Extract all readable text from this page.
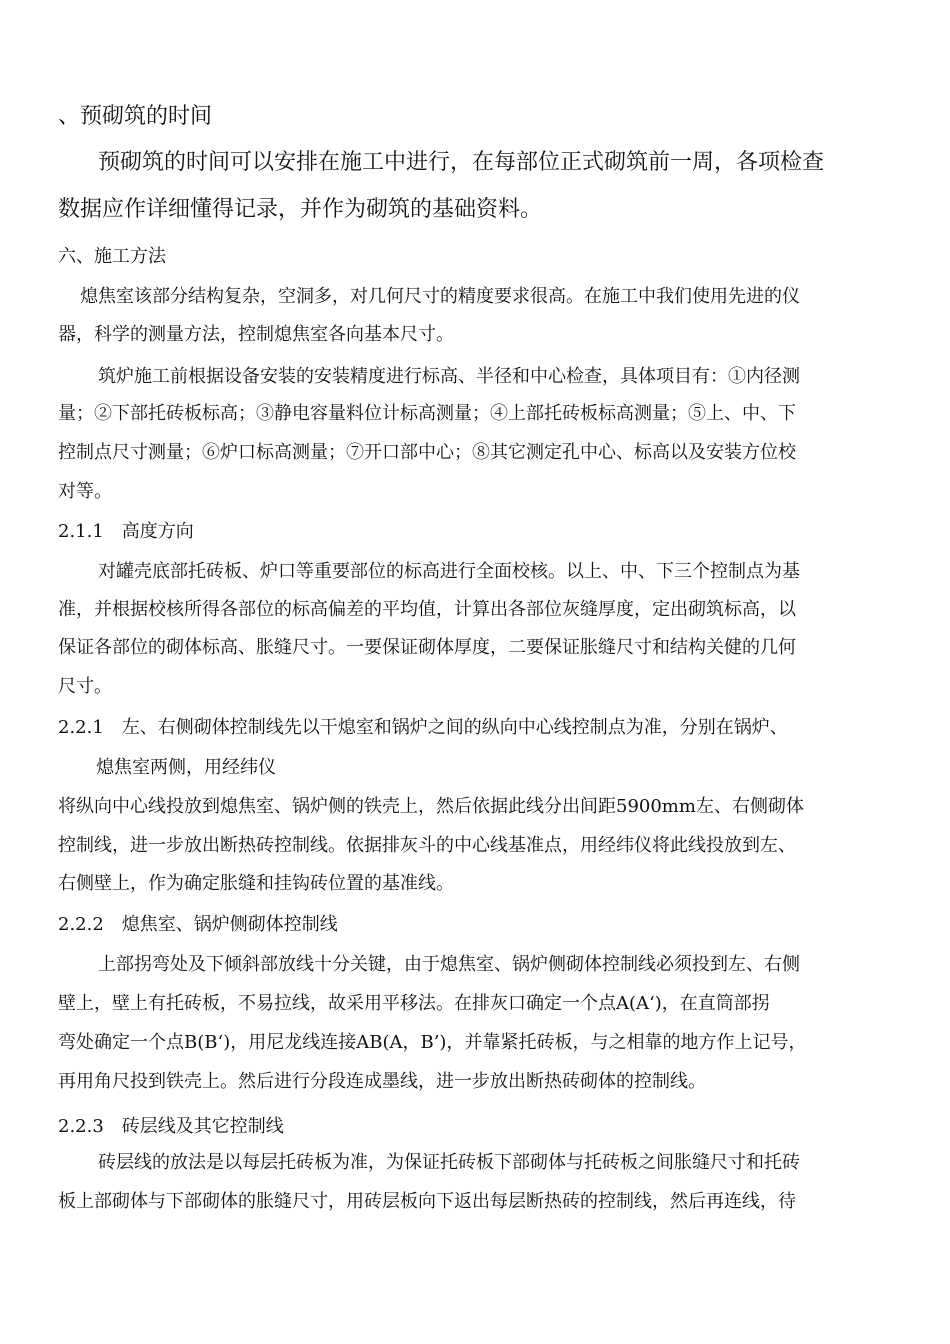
、预砌筑的时间
预砌筑的时间可以安排在施工中进行，在每部位正式砌筑前一周，各项检查
数据应作详细懂得记录，并作为砌筑的基础资料。
六、施工方法
熄焦室该部分结构复杂，空洞多，对几何尺寸的精度要求很高。在施工中我们使用先进的仪
器，科学的测量方法，控制熄焦室各向基本尺寸。
筑炉施工前根据设备安装的安装精度进行标高、半径和中心检查，具体项目有：①内径测
量；②下部托砖板标高；③静电容量料位计标高测量；④上部托砖板标高测量；⑤上、中、下
控制点尺寸测量；⑥炉口标高测量；⑦开口部中心；⑧其它测定孔中心、标高以及安装方位校
对等。
2.1.1　高度方向
对罐壳底部托砖板、炉口等重要部位的标高进行全面校核。以上、中、下三个控制点为基
准，并根据校核所得各部位的标高偏差的平均值，计算出各部位灰缝厚度，定出砌筑标高，以
保证各部位的砌体标高、胀缝尺寸。一要保证砌体厚度，二要保证胀缝尺寸和结构关健的几何
尺寸。
2.2.1　左、右侧砌体控制线先以干熄室和锅炉之间的纵向中心线控制点为准，分别在锅炉、
熄焦室两侧，用经纬仪
将纵向中心线投放到熄焦室、锅炉侧的铁壳上，然后依据此线分出间距5900mm左、右侧砌体
控制线，进一步放出断热砖控制线。依据排灰斗的中心线基准点，用经纬仪将此线投放到左、
右侧壁上，作为确定胀缝和挂钩砖位置的基准线。
2.2.2　熄焦室、锅炉侧砌体控制线
上部拐弯处及下倾斜部放线十分关键，由于熄焦室、锅炉侧砌体控制线必须投到左、右侧
壁上，壁上有托砖板，不易拉线，故采用平移法。在排灰口确定一个点A(A‘)，在直筒部拐
弯处确定一个点B(B‘)，用尼龙线连接AB(A，B’)，并靠紧托砖板，与之相靠的地方作上记号，
再用角尺投到铁壳上。然后进行分段连成墨线，进一步放出断热砖砌体的控制线。
2.2.3　砖层线及其它控制线
砖层线的放法是以每层托砖板为准，为保证托砖板下部砌体与托砖板之间胀缝尺寸和托砖
板上部砌体与下部砌体的胀缝尺寸，用砖层板向下返出每层断热砖的控制线，然后再连线，待
